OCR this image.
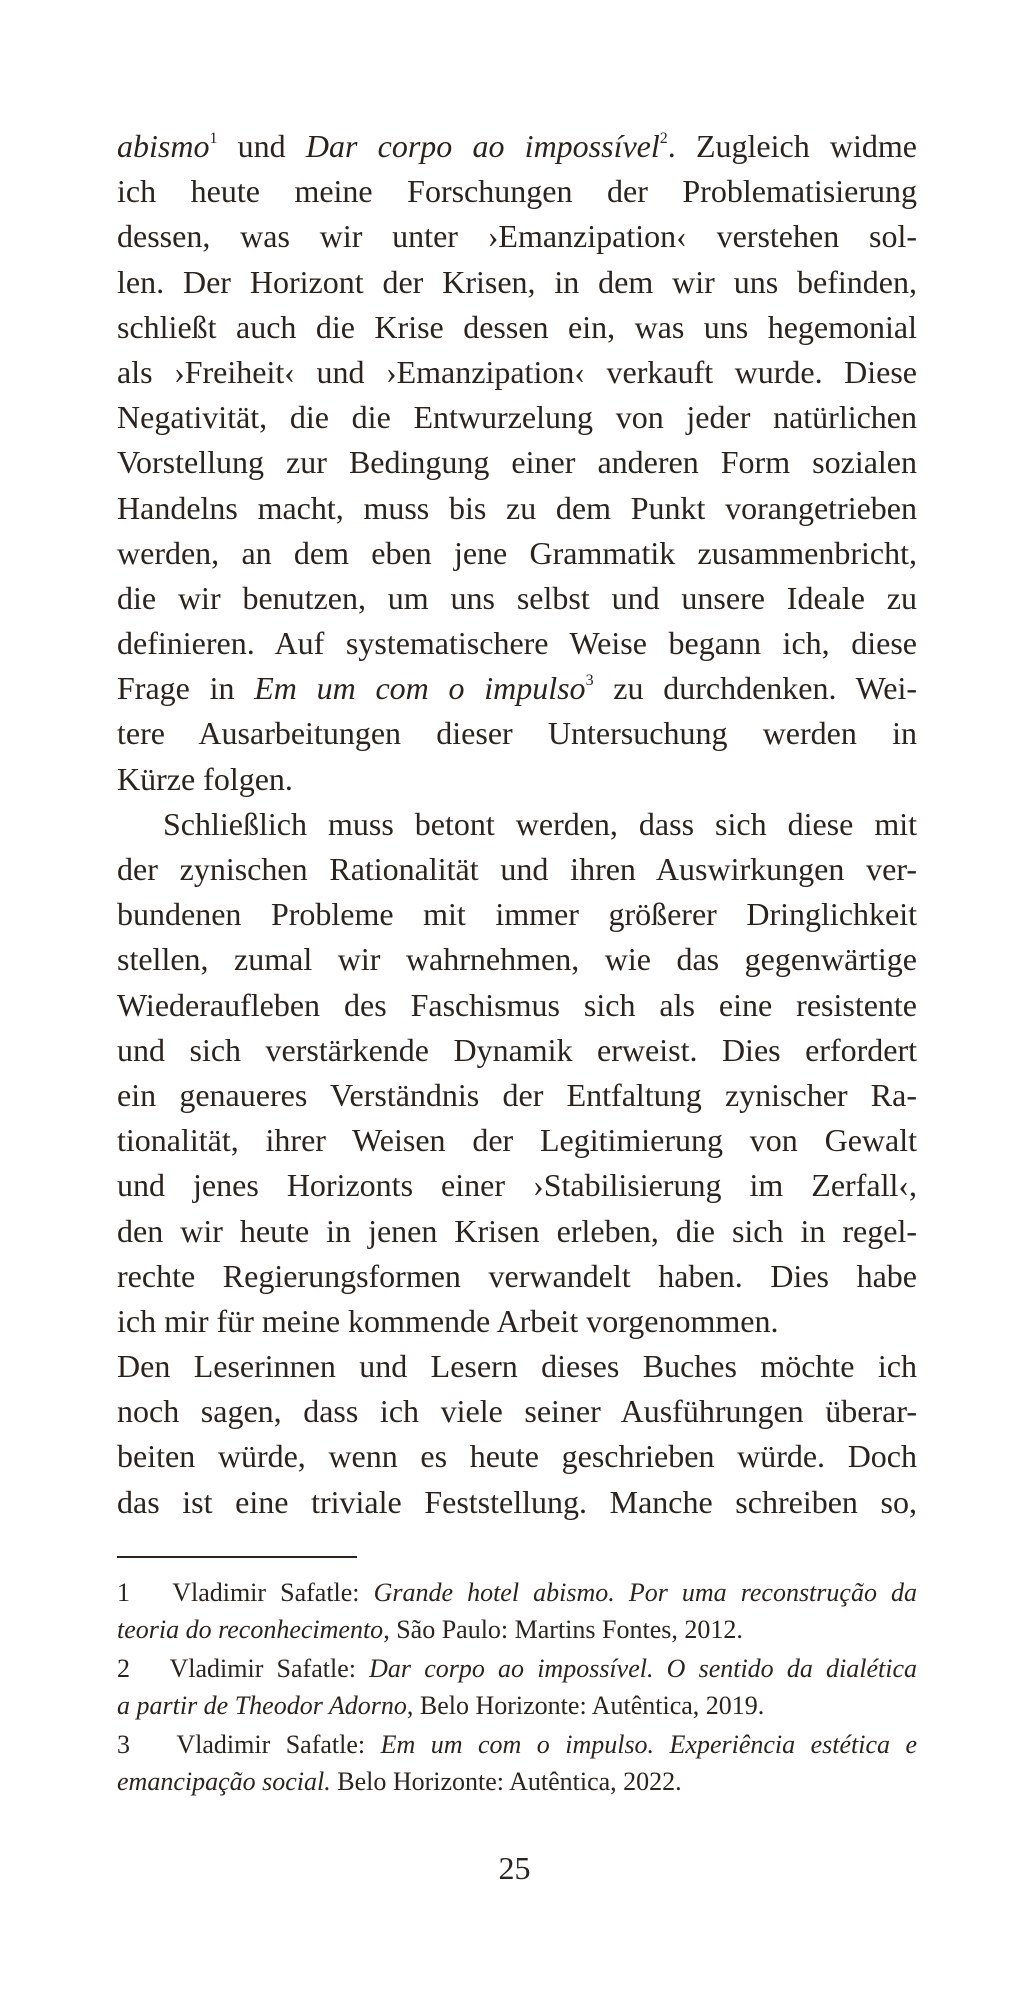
abismo$^1$ und Dar corpo ao impossível$^2$. Zugleich widme
ich heute meine Forschungen der Problematisierung
dessen, was wir unter ›Emanzipation‹ verstehen sol-
len. Der Horizont der Krisen, in dem wir uns befinden,
schließt auch die Krise dessen ein, was uns hegemonial
als ›Freiheit‹ und ›Emanzipation‹ verkauft wurde. Diese
Negativität, die die Entwurzelung von jeder natürlichen
Vorstellung zur Bedingung einer anderen Form sozialen
Handelns macht, muss bis zu dem Punkt vorangetrieben
werden, an dem eben jene Grammatik zusammenbricht,
die wir benutzen, um uns selbst und unsere Ideale zu
definieren. Auf systematischere Weise begann ich, diese
Frage in Em um com o impulso$^3$ zu durchdenken. Wei-
tere Ausarbeitungen dieser Untersuchung werden in
Kürze folgen.

Schließlich muss betont werden, dass sich diese mit
der zynischen Rationalität und ihren Auswirkungen ver-
bundenen Probleme mit immer größerer Dringlichkeit
stellen, zumal wir wahrnehmen, wie das gegenwärtige
Wiederaufleben des Faschismus sich als eine resistente
und sich verstärkende Dynamik erweist. Dies erfordert
ein genaueres Verständnis der Entfaltung zynischer Ra-
tionalität, ihrer Weisen der Legitimierung von Gewalt
und jenes Horizonts einer ›Stabilisierung im Zerfall‹,
den wir heute in jenen Krisen erleben, die sich in regel-
rechte Regierungsformen verwandelt haben. Dies habe
ich mir für meine kommende Arbeit vorgenommen.

Den Leserinnen und Lesern dieses Buches möchte ich
noch sagen, dass ich viele seiner Ausführungen überar-
beiten würde, wenn es heute geschrieben würde. Doch
das ist eine triviale Feststellung. Manche schreiben so,

1 Vladimir Safatle: Grande hotel abismo. Por uma reconstrução da
teoria do reconhecimento, São Paulo: Martins Fontes, 2012.
2 Vladimir Safatle: Dar corpo ao impossível. O sentido da dialética
a partir de Theodor Adorno, Belo Horizonte: Autêntica, 2019.
3 Vladimir Safatle: Em um com o impulso. Experiência estética e
emancipação social. Belo Horizonte: Autêntica, 2022.
25
